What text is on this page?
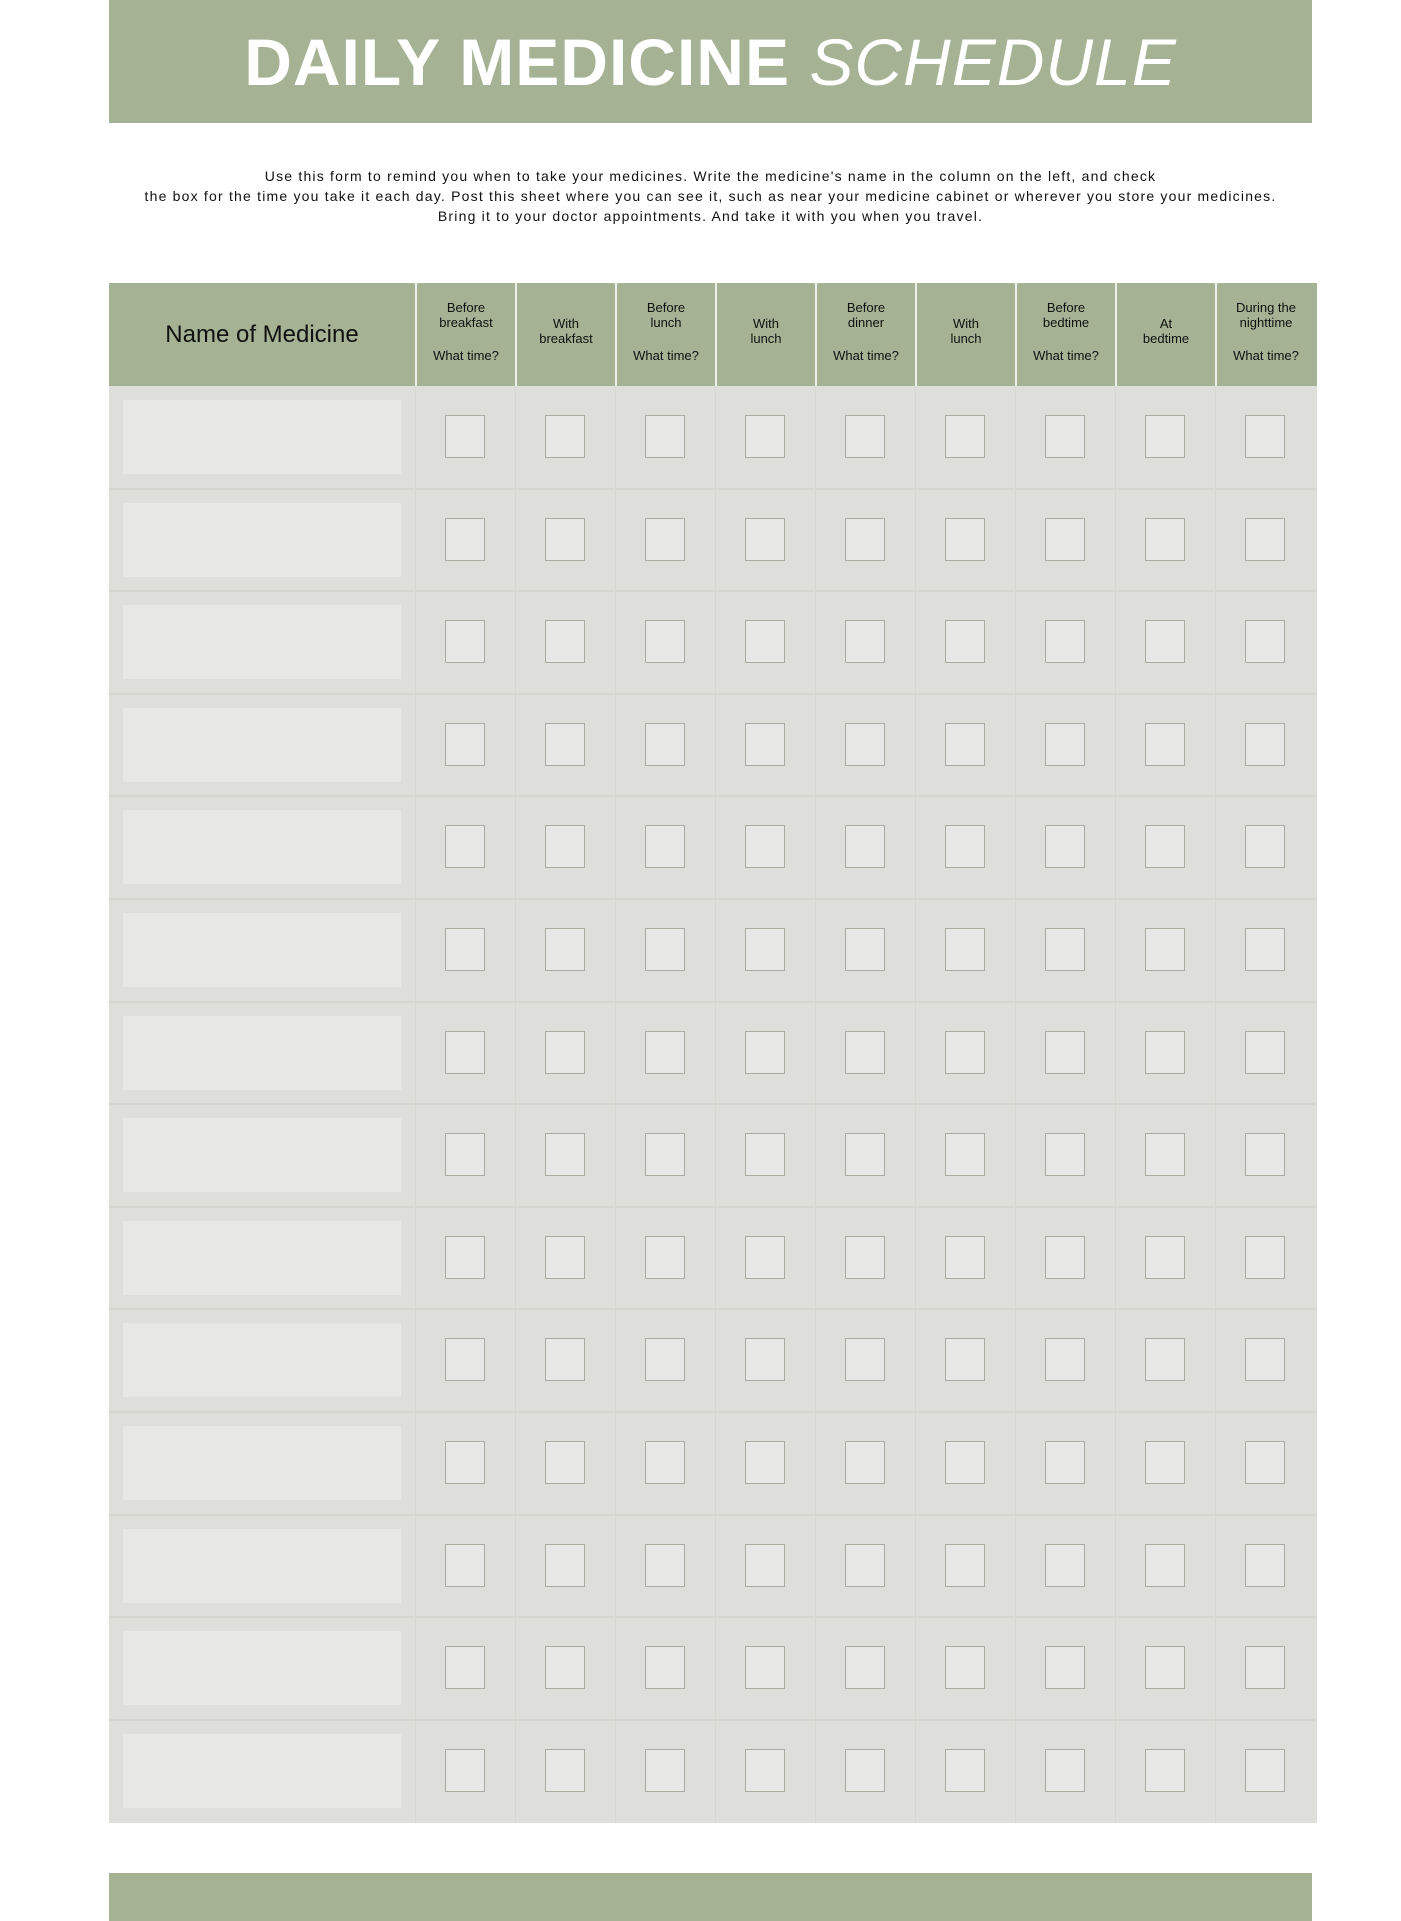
DAILY MEDICINE SCHEDULE
Use this form to remind you when to take your medicines. Write the medicine's name in the column on the left, and check
the box for the time you take it each day. Post this sheet where you can see it, such as near your medicine cabinet or wherever you store your medicines.
Bring it to your doctor appointments. And take it with you when you travel.
Name of Medicine
Before
breakfast
What time?
With
breakfast
Before
lunch
What time?
With
lunch
Before
dinner
What time?
With
lunch
Before
bedtime
What time?
At
bedtime
During the
nighttime
What time?
